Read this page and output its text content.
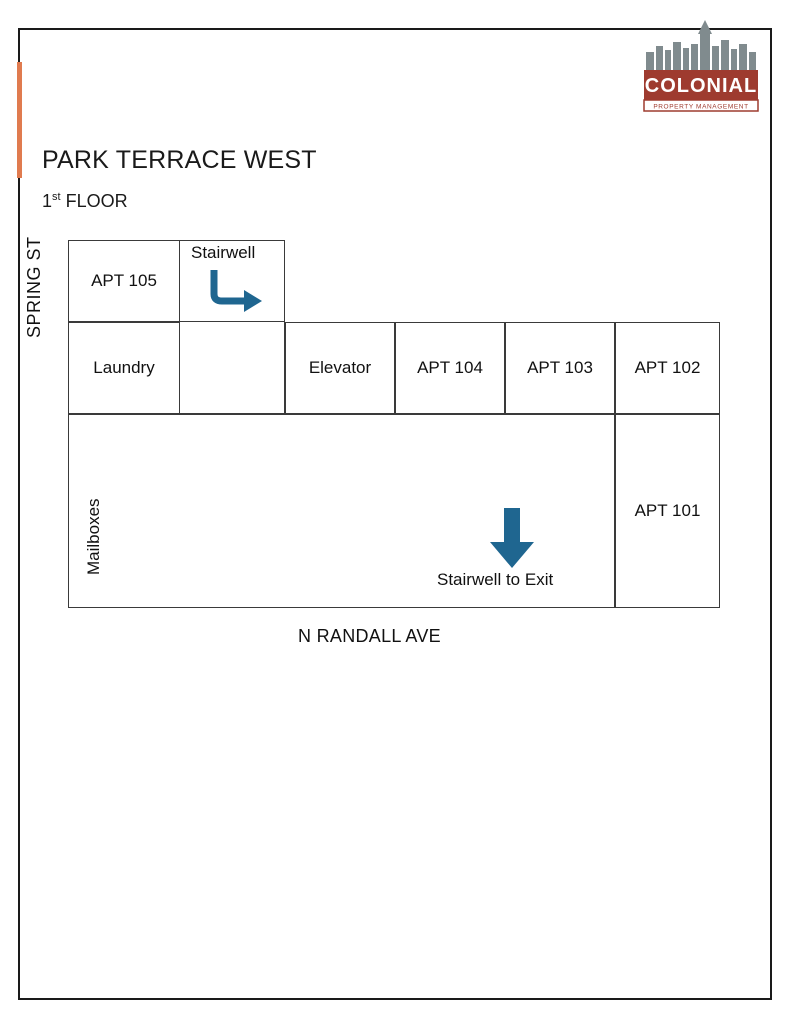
COLONIAL
PROPERTY MANAGEMENT
PARK TERRACE WEST
1st FLOOR
APT 105
Laundry	Elevator	APT 104	APT 103 APT 102
APT 101
Stairwell
Stairwell to Exit
SPRING ST
Mailboxes
N RANDALL AVE
